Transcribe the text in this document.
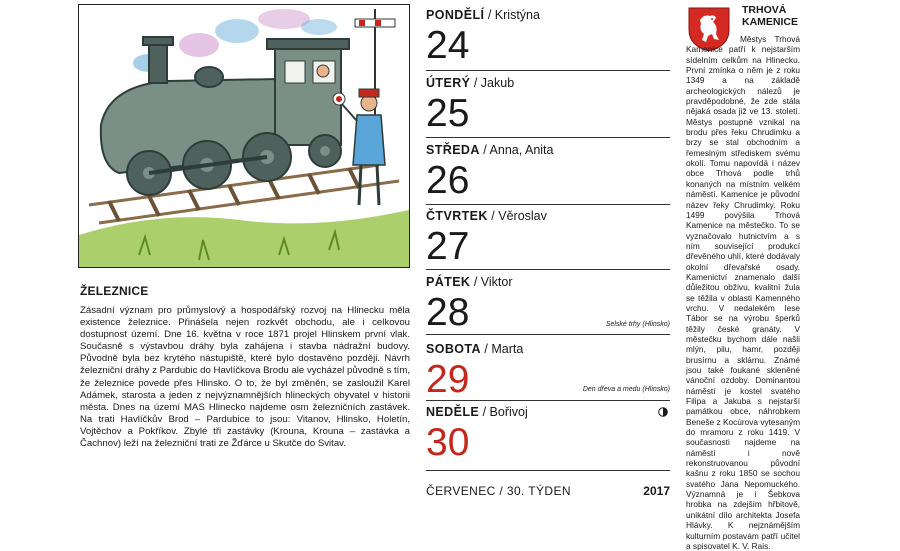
ŽELEZNICE

Zásadní význam pro průmyslový a hospodářský rozvoj na Hlinecku měla existence železnice. Přinášela nejen rozkvět obchodu, ale i celkovou dostupnost území. Dne 16. května v roce 1871 projel Hlinskem první vlak. Současně s výstavbou dráhy byla zahájena i stavba nádražní budovy. Původně byla bez krytého nástupiště, které bylo dostavěno později. Návrh železniční dráhy z Pardubic do Havlíčkova Brodu ale vycházel původně s tím, že železnice povede přes Hlinsko. O to, že byl změněn, se zasloužil Karel Adámek, starosta a jeden z nejvýznamnějších hlineckých obyvatel v historii města. Dnes na území MAS Hlinecko najdeme osm železničních zastávek. Na trati Havlíčkův Brod – Pardubice to jsou: Vitanov, Hlinsko, Holetín, Vojtěchov a Pokříkov. Zbylé tři zastávky (Krouna, Krouna – zastávka a Čachnov) leží na železniční trati ze Žďárce u Skutče do Svitav.

PONDĚLÍ / Kristýna
24
ÚTERÝ / Jakub
25
STŘEDA / Anna, Anita
26
ČTVRTEK / Věroslav
27
PÁTEK / Viktor
28	Selské trhy (Hlinsko)
SOBOTA / Marta
29	Den dřeva a medu (Hlinsko)
NEDĚLE / Bořivoj
30
ČERVENEC / 30. TÝDEN	2017
TRHOVÁ KAMENICE

Městys Trhová Kamenice patří k nejstarším sídelním celkům na Hlinecku. První zmínka o něm je z roku 1349 a na základě archeologických nálezů je pravděpodobné, že zde stála nějaká osada již ve 13. století. Městys postupně vznikal na brodu přes řeku Chrudimku a brzy se stal obchodním a řemeslným střediskem svému okolí. Tomu napovídá i název obce Trhová podle trhů konaných na místním velkém náměstí. Kamenice je původní název řeky Chrudimky. Roku 1499 povýšila Trhová Kamenice na městečko. To se vyznačovalo hutnictvím a s ním související produkcí dřevěného uhlí, které dodávaly okolní dřevařské osady. Kamenictví znamenalo další důležitou obživu, kvalitní žula se těžila v oblasti Kamenného vrchu. V nedalekém lese Tábor se na výrobu šperků těžily české granáty. V městečku bychom dále našli mlýn, pilu, hamr, později brusírnu a sklárnu. Známé jsou také foukané skleněné vánoční ozdoby. Dominantou náměstí je kostel svatého Filipa a Jakuba s nejstarší památkou obce, náhrobkem Beneše z Kocúrova vytesaným do mramoru z roku 1419. V současnosti najdeme na náměstí i nově rekonstruovanou původní kašnu z roku 1850 se sochou svatého Jana Nepomuckého. Významná je i Šebkova hrobka na zdejším hřbitově, unikátní dílo architekta Josefa Hlávky. K nejznámějším kulturním postavám patří učitel a spisovatel K. V. Rais.
